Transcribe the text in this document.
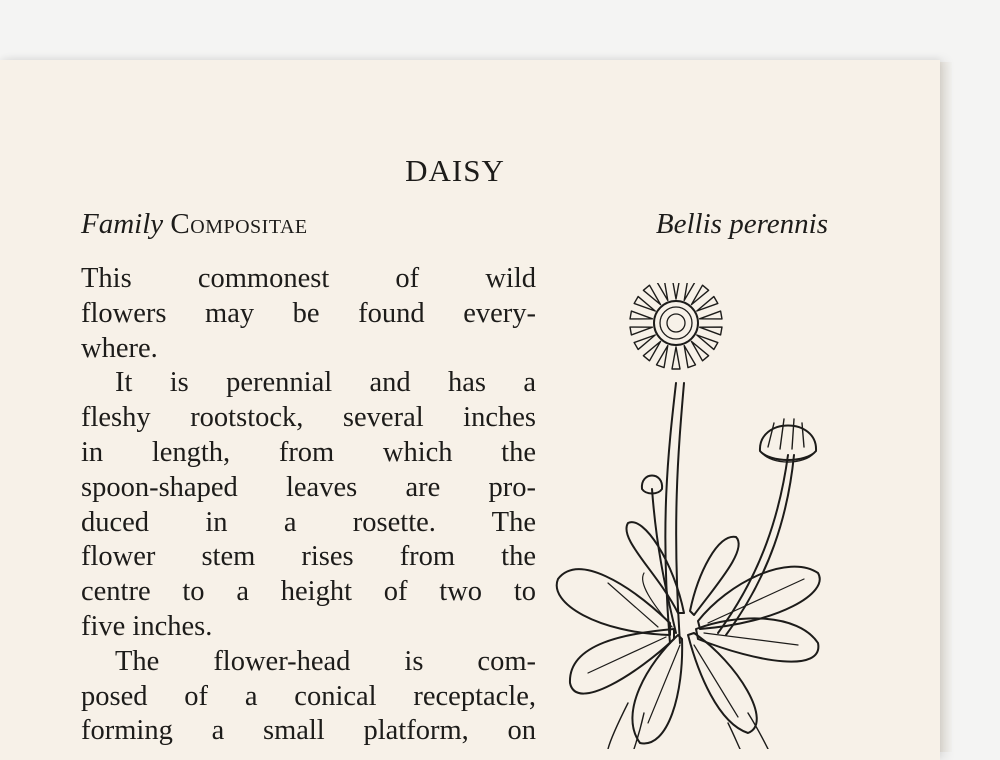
DAISY
Family Compositae	Bellis perennis
This commonest of wild
flowers may be found every-
where.
It is perennial and has a
fleshy rootstock, several inches
in length, from which the
spoon-shaped leaves are pro-
duced in a rosette. The
flower stem rises from the
centre to a height of two to
five inches.
The flower-head is com-
posed of a conical receptacle,
forming a small platform, on
